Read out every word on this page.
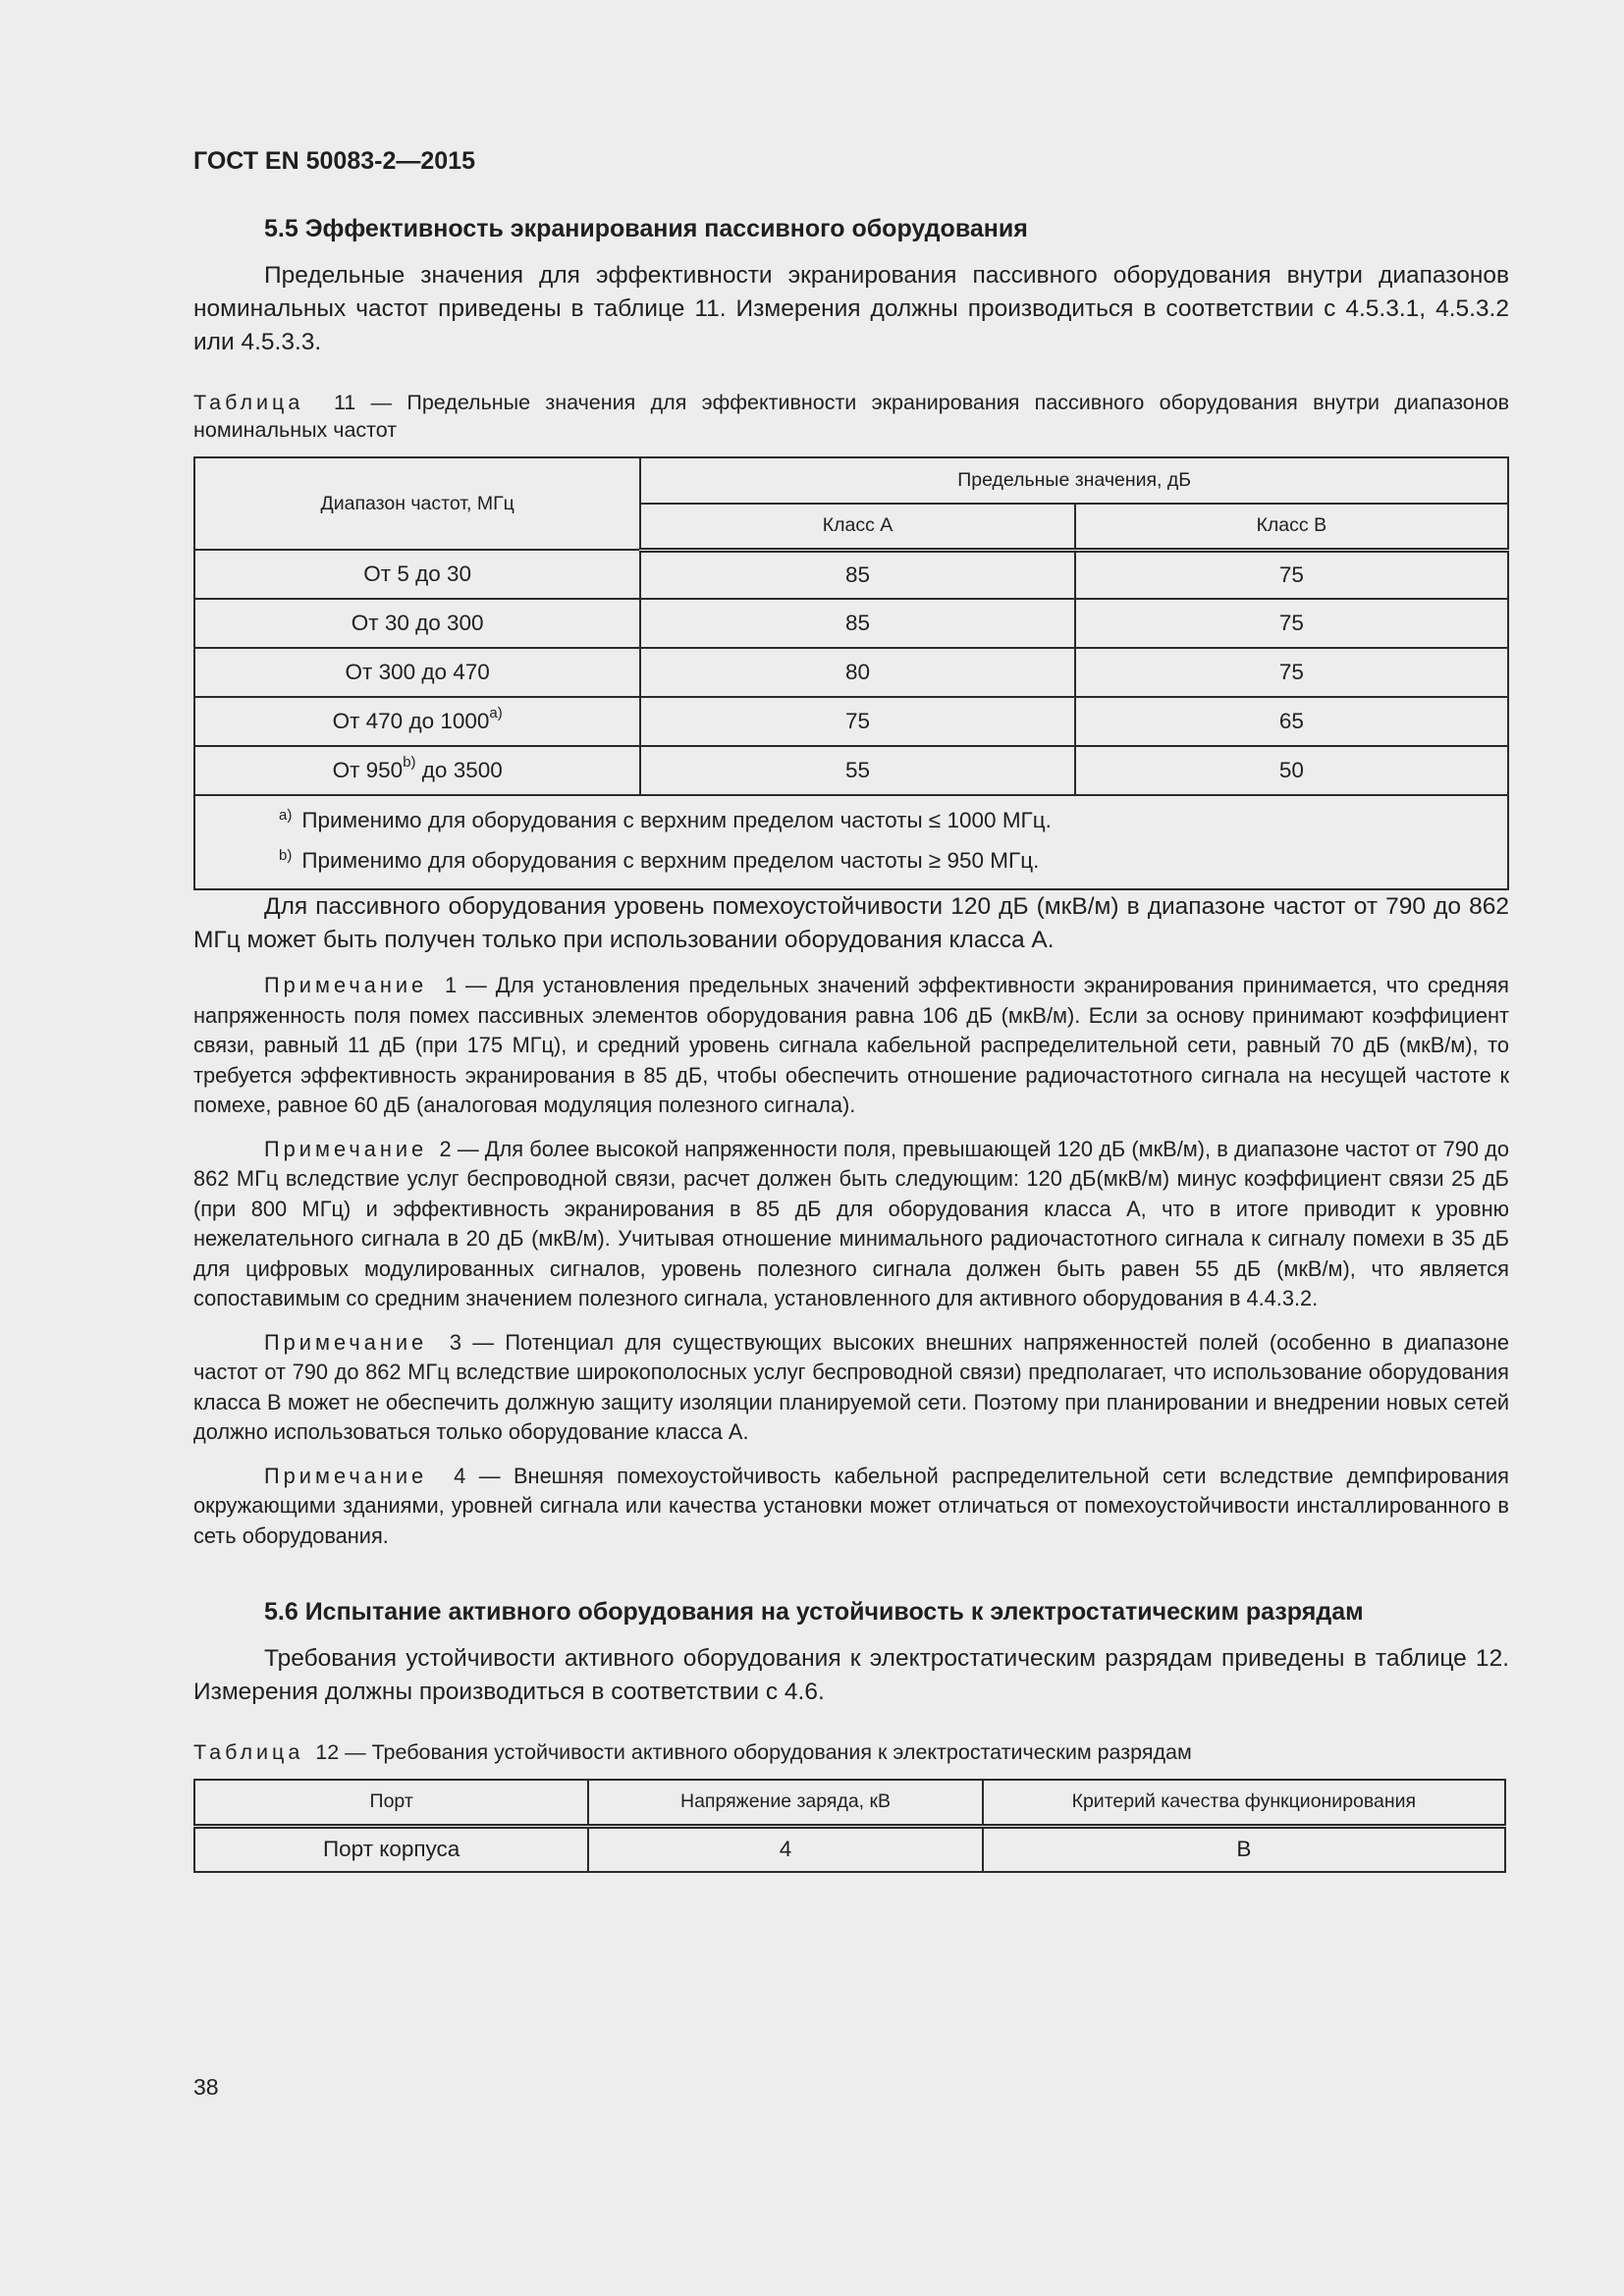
ГОСТ EN 50083-2—2015
5.5 Эффективность экранирования пассивного оборудования

Предельные значения для эффективности экранирования пассивного оборудования внутри диапазонов номинальных частот приведены в таблице 11. Измерения должны производиться в соответствии с 4.5.3.1, 4.5.3.2 или 4.5.3.3.

Таблица 11 — Предельные значения для эффективности экранирования пассивного оборудования внутри диапазонов номинальных частот
Диапазон частот, МГц	Предельные значения, дБ	
	Класс А	Класс В
От 5 до 30	85	75
От 30 до 300	85	75
От 300 до 470	80	75
От 470 до 1000$^{a)}$	75	65
От 950$^{b)}$ до 3500	55	50

$^{a)}$ Применимо для оборудования с верхним пределом частоты ≤ 1000 МГц.
$^{b)}$ Применимо для оборудования с верхним пределом частоты ≥ 950 МГц.		

Для пассивного оборудования уровень помехоустойчивости 120 дБ (мкВ/м) в диапазоне частот от 790 до 862 МГц может быть получен только при использовании оборудования класса А.

Примечание 1 — Для установления предельных значений эффективности экранирования принимается, что средняя напряженность поля помех пассивных элементов оборудования равна 106 дБ (мкВ/м). Если за основу принимают коэффициент связи, равный 11 дБ (при 175 МГц), и средний уровень сигнала кабельной распределительной сети, равный 70 дБ (мкВ/м), то требуется эффективность экранирования в 85 дБ, чтобы обеспечить отношение радиочастотного сигнала на несущей частоте к помехе, равное 60 дБ (аналоговая модуляция полезного сигнала).

Примечание 2 — Для более высокой напряженности поля, превышающей 120 дБ (мкВ/м), в диапазоне частот от 790 до 862 МГц вследствие услуг беспроводной связи, расчет должен быть следующим: 120 дБ(мкВ/м) минус коэффициент связи 25 дБ (при 800 МГц) и эффективность экранирования в 85 дБ для оборудования класса А, что в итоге приводит к уровню нежелательного сигнала в 20 дБ (мкВ/м). Учитывая отношение минимального радиочастотного сигнала к сигналу помехи в 35 дБ для цифровых модулированных сигналов, уровень полезного сигнала должен быть равен 55 дБ (мкВ/м), что является сопоставимым со средним значением полезного сигнала, установленного для активного оборудования в 4.4.3.2.

Примечание 3 — Потенциал для существующих высоких внешних напряженностей полей (особенно в диапазоне частот от 790 до 862 МГц вследствие широкополосных услуг беспроводной связи) предполагает, что использование оборудования класса В может не обеспечить должную защиту изоляции планируемой сети. Поэтому при планировании и внедрении новых сетей должно использоваться только оборудование класса А.

Примечание 4 — Внешняя помехоустойчивость кабельной распределительной сети вследствие демпфирования окружающими зданиями, уровней сигнала или качества установки может отличаться от помехоустойчивости инсталлированного в сеть оборудования.

5.6 Испытание активного оборудования на устойчивость к электростатическим разрядам

Требования устойчивости активного оборудования к электростатическим разрядам приведены в таблице 12. Измерения должны производиться в соответствии с 4.6.

Таблица 12 — Требования устойчивости активного оборудования к электростатическим разрядам
Порт	Напряжение заряда, кВ	Критерий качества функционирования
Порт корпуса	4	В
38
